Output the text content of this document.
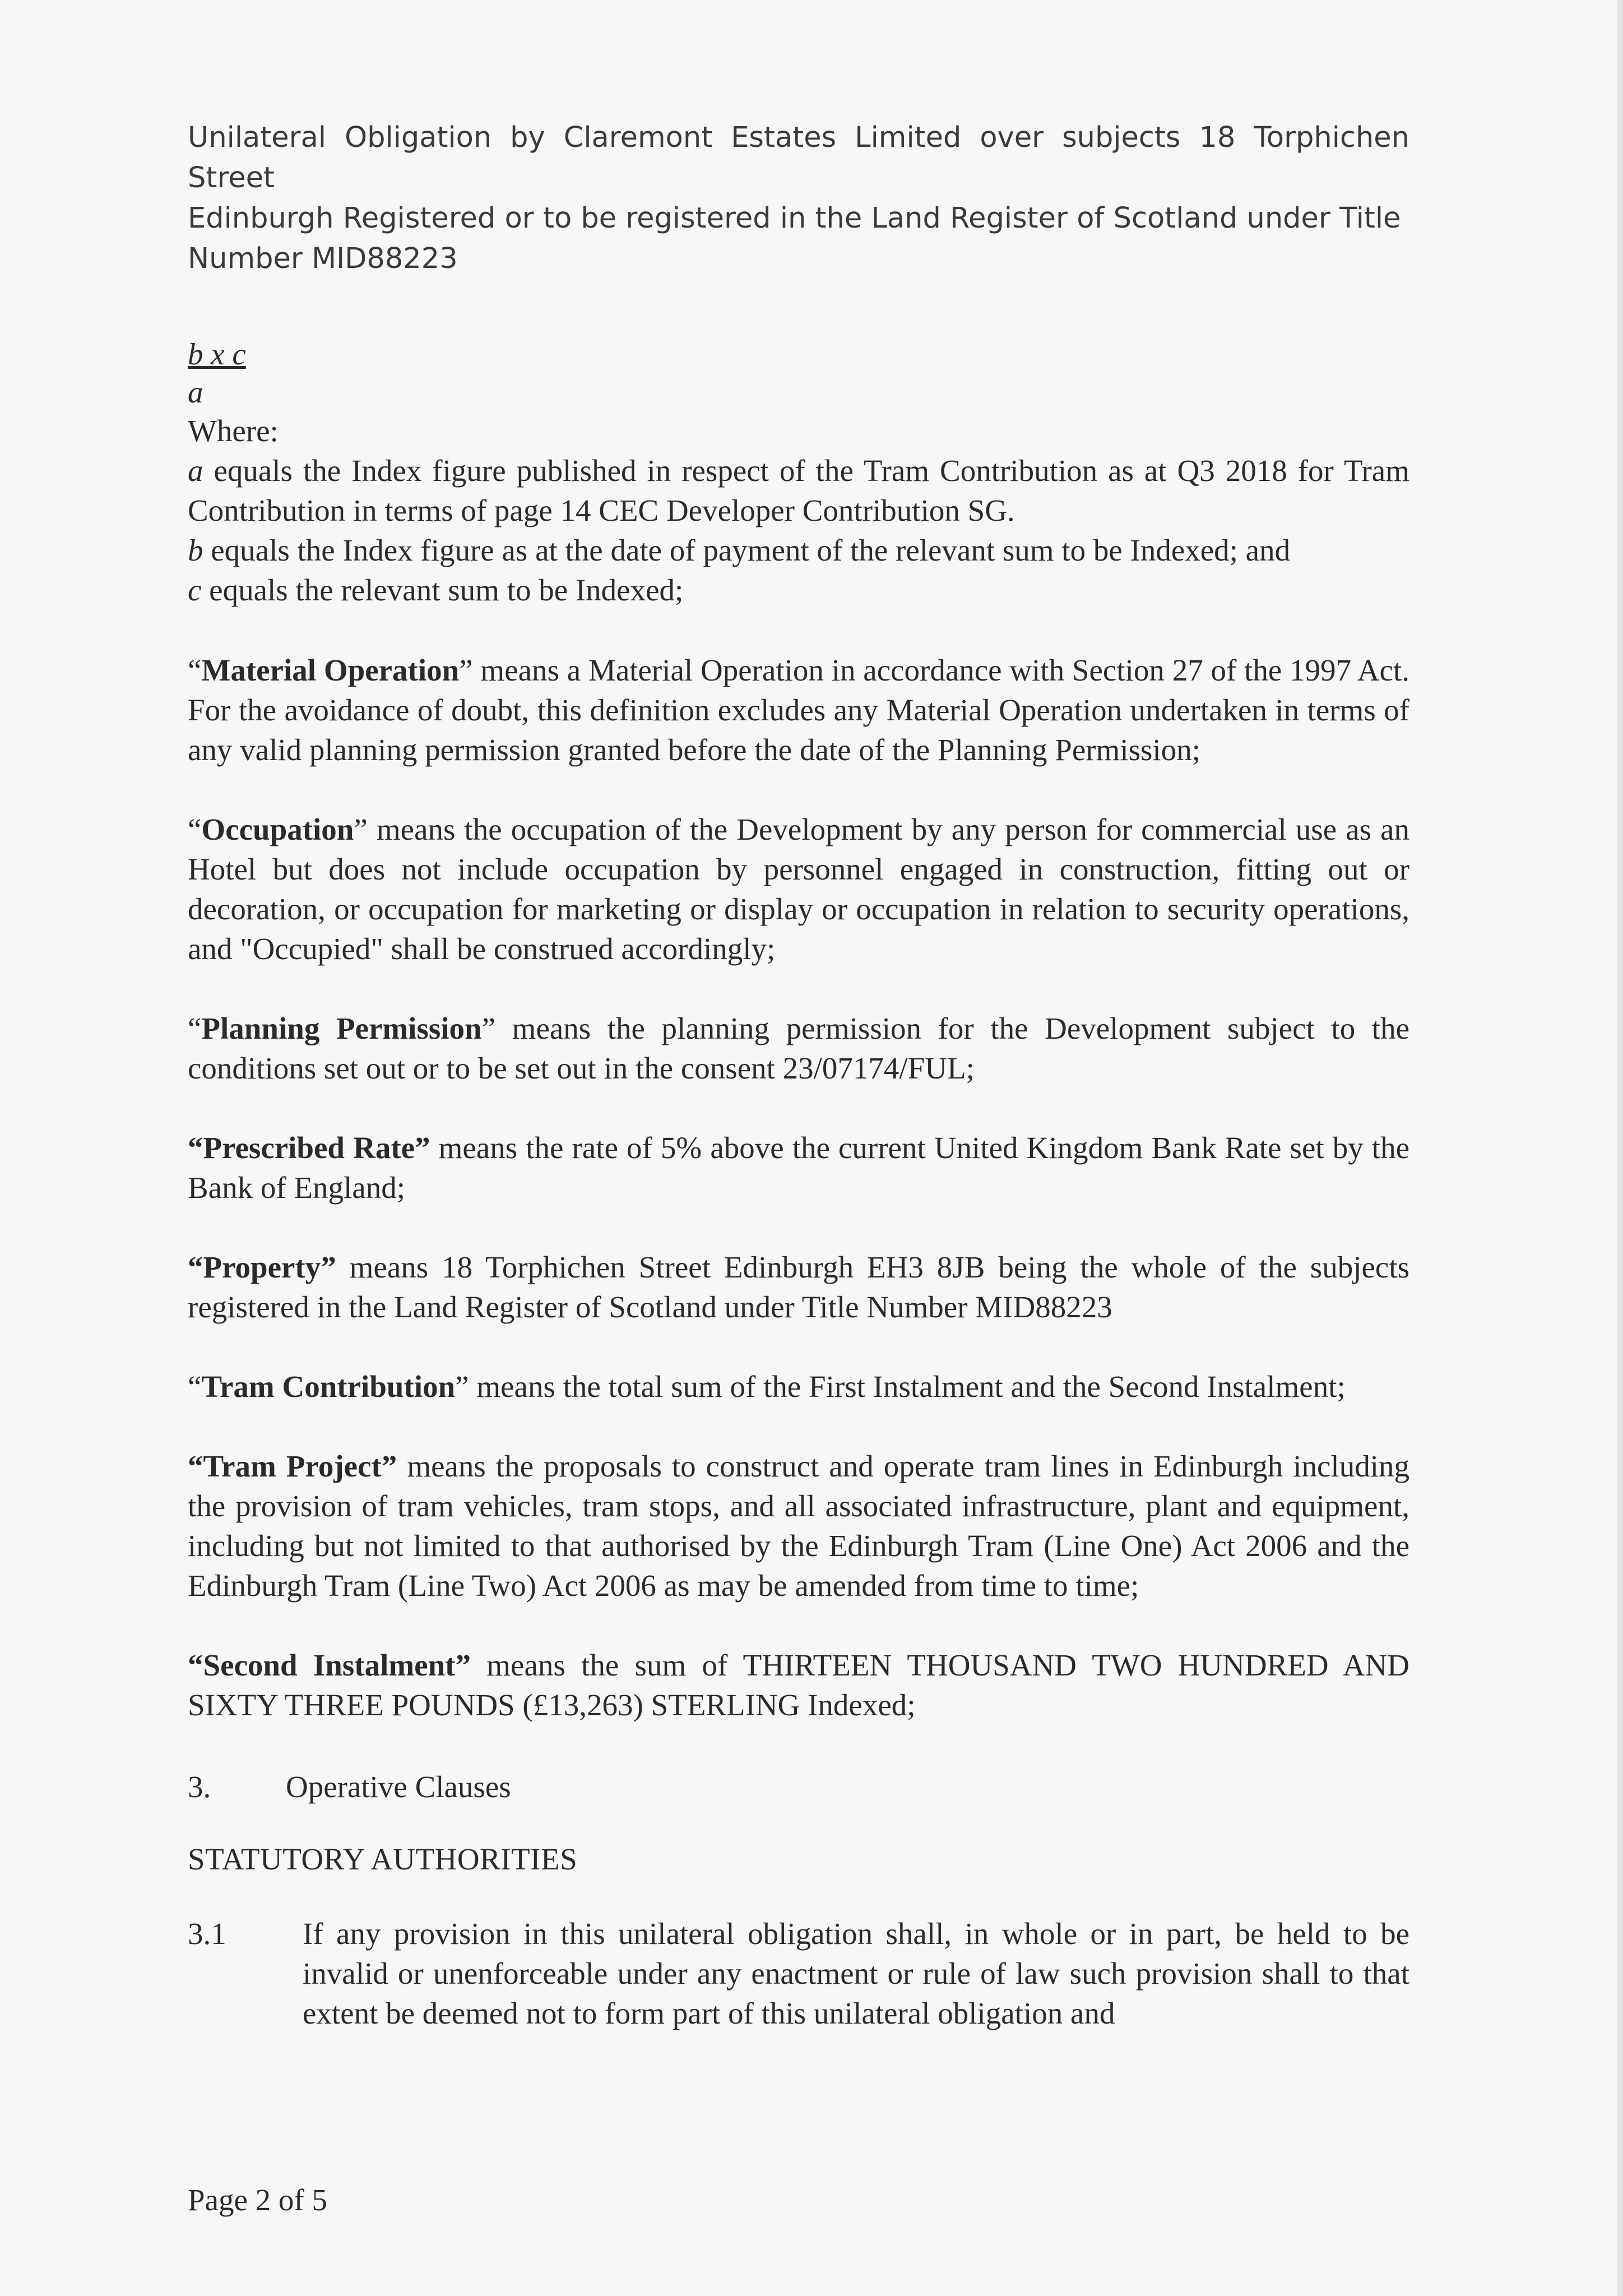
Unilateral Obligation by Claremont Estates Limited over subjects 18 Torphichen Street

Edinburgh Registered or to be registered in the Land Register of Scotland under Title

Number MID88223

b x c
a

Where:

a equals the Index figure published in respect of the Tram Contribution as at Q3 2018 for Tram Contribution in terms of page 14 CEC Developer Contribution SG.

b equals the Index figure as at the date of payment of the relevant sum to be Indexed; and

c equals the relevant sum to be Indexed;

“Material Operation” means a Material Operation in accordance with Section 27 of the 1997 Act. For the avoidance of doubt, this definition excludes any Material Operation undertaken in terms of any valid planning permission granted before the date of the Planning Permission;

“Occupation” means the occupation of the Development by any person for commercial use as an Hotel but does not include occupation by personnel engaged in construction, fitting out or decoration, or occupation for marketing or display or occupation in relation to security operations, and "Occupied" shall be construed accordingly;

“Planning Permission” means the planning permission for the Development subject to the conditions set out or to be set out in the consent 23/07174/FUL;

“Prescribed Rate” means the rate of 5% above the current United Kingdom Bank Rate set by the Bank of England;

“Property” means 18 Torphichen Street Edinburgh EH3 8JB being the whole of the subjects registered in the Land Register of Scotland under Title Number MID88223

“Tram Contribution” means the total sum of the First Instalment and the Second Instalment;

“Tram Project” means the proposals to construct and operate tram lines in Edinburgh including the provision of tram vehicles, tram stops, and all associated infrastructure, plant and equipment, including but not limited to that authorised by the Edinburgh Tram (Line One) Act 2006 and the Edinburgh Tram (Line Two) Act 2006 as may be amended from time to time;

“Second Instalment” means the sum of THIRTEEN THOUSAND TWO HUNDRED AND SIXTY THREE POUNDS (£13,263) STERLING Indexed;

3.	Operative Clauses

STATUTORY AUTHORITIES

3.1	If any provision in this unilateral obligation shall, in whole or in part, be held to be invalid or unenforceable under any enactment or rule of law such provision shall to that extent be deemed not to form part of this unilateral obligation and
Page 2 of 5
